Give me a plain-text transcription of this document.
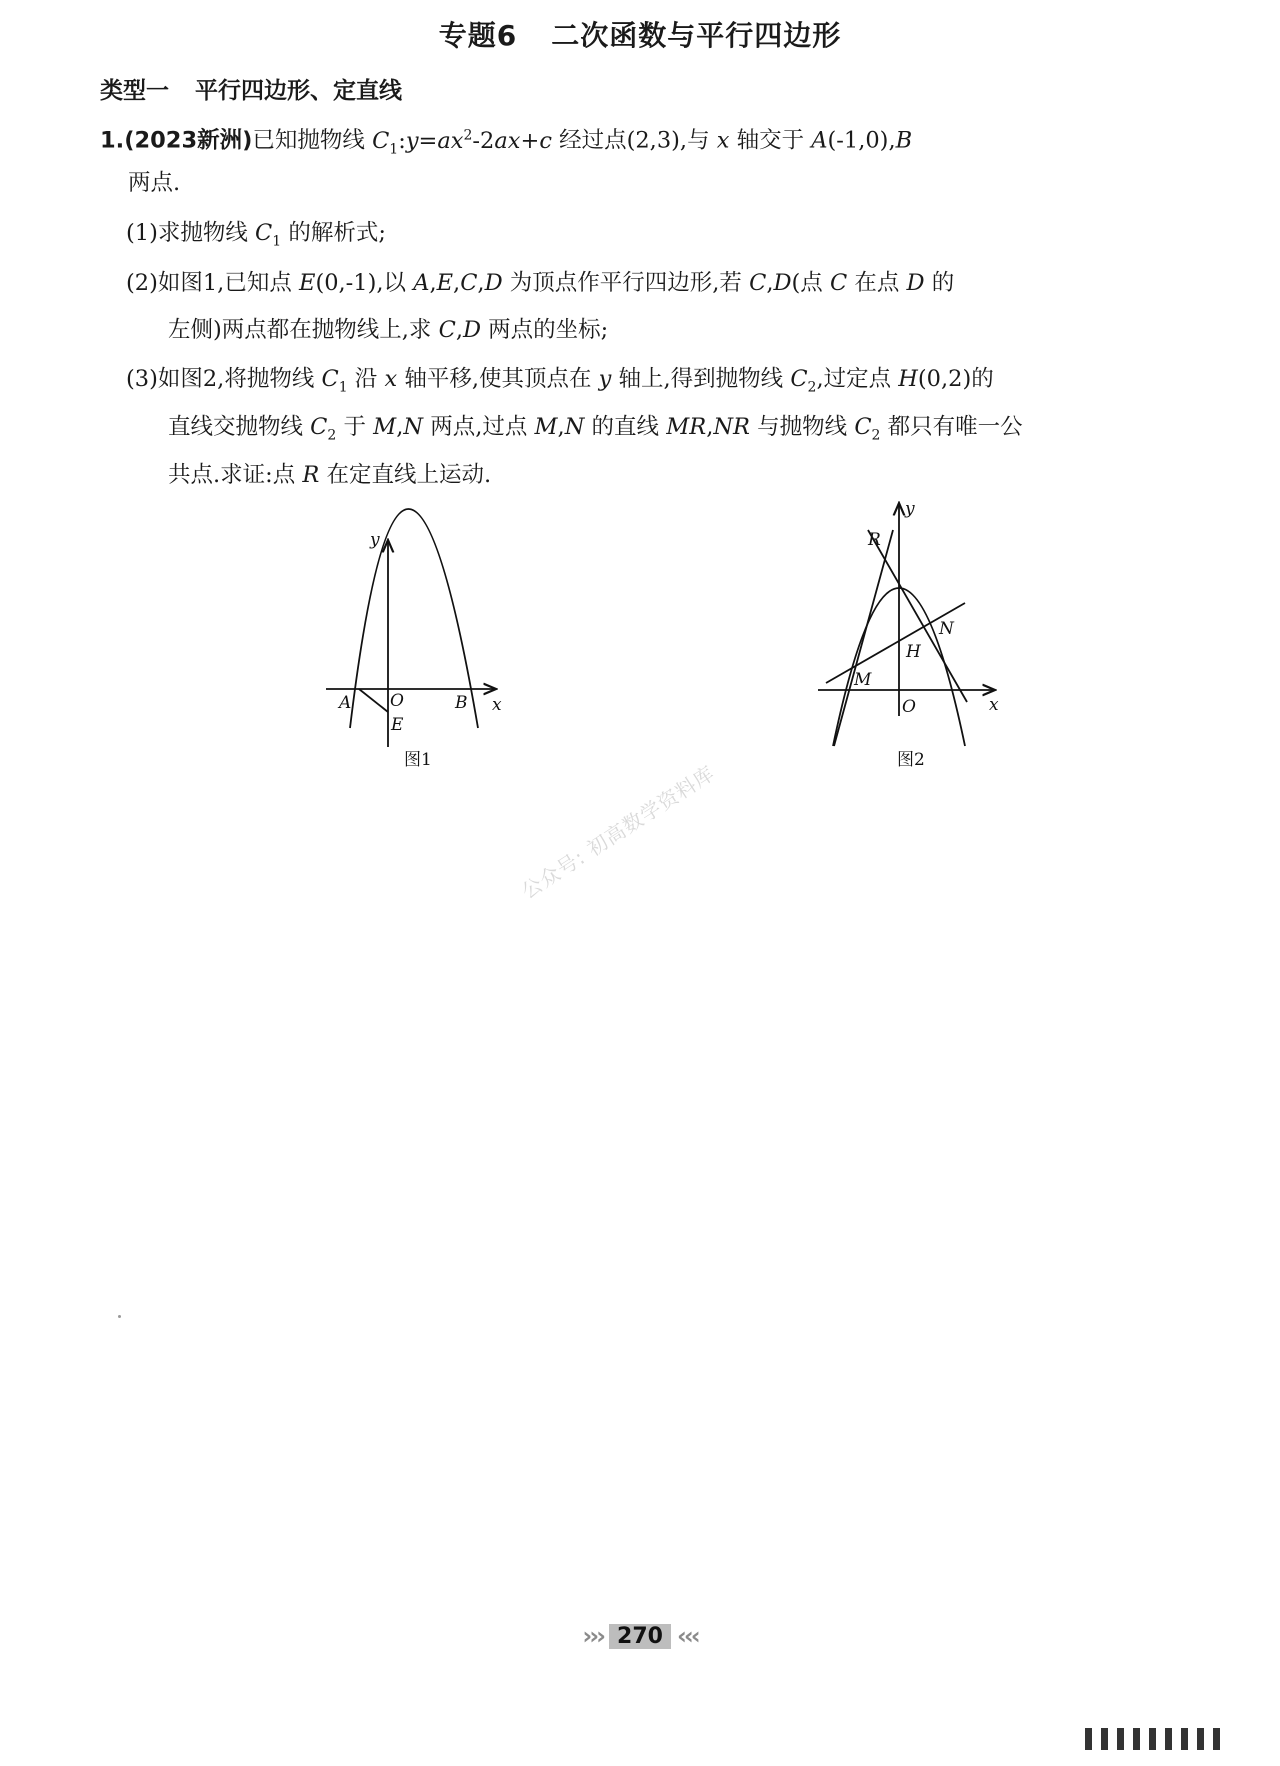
专题6 二次函数与平行四边形
类型一 平行四边形、定直线
1.(2023新洲)已知抛物线 $C_1:y=ax^2-2ax+c$ 经过点(2,3),与 x 轴交于 A(-1,0),B
两点.
(1)求抛物线 $C_1$ 的解析式;
(2)如图1,已知点 E(0,-1),以 A,E,C,D 为顶点作平行四边形,若 C,D(点 C 在点 D 的
左侧)两点都在抛物线上,求 C,D 两点的坐标;
(3)如图2,将抛物线 $C_1$ 沿 x 轴平移,使其顶点在 y 轴上,得到抛物线 $C_2$,过定点 H(0,2)的
直线交抛物线 $C_2$ 于 M,N 两点,过点 M,N 的直线 MR,NR 与抛物线 $C_2$ 都只有唯一公
共点.求证:点 R 在定直线上运动.
y
x
A O	B
E
图1
y
x
R
N
H
M
O
图2
公众号: 初高数学资料库
››› 270 ‹‹‹
